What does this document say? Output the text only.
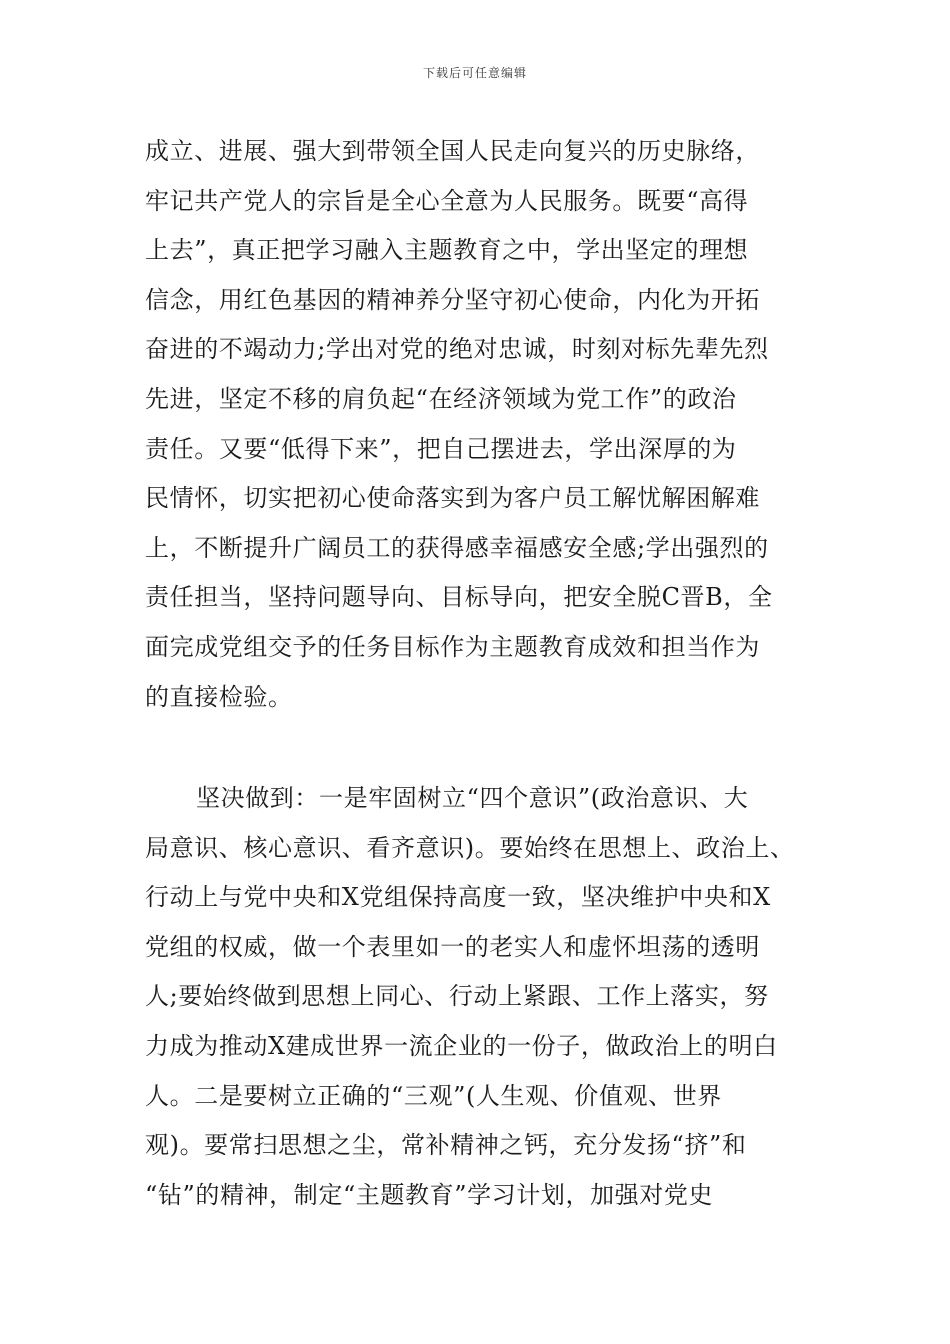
下载后可任意编辑
成立、进展、强大到带领全国人民走向复兴的历史脉络，
牢记共产党人的宗旨是全心全意为人民服务。既要“高得
上去”，真正把学习融入主题教育之中，学出坚定的理想
信念，用红色基因的精神养分坚守初心使命，内化为开拓
奋进的不竭动力;学出对党的绝对忠诚，时刻对标先辈先烈
先进，坚定不移的肩负起“在经济领域为党工作”的政治
责任。又要“低得下来”，把自己摆进去，学出深厚的为
民情怀，切实把初心使命落实到为客户员工解忧解困解难
上，不断提升广阔员工的获得感幸福感安全感;学出强烈的
责任担当，坚持问题导向、目标导向，把安全脱C晋B，全
面完成党组交予的任务目标作为主题教育成效和担当作为
的直接检验。
坚决做到：一是牢固树立“四个意识”(政治意识、大
局意识、核心意识、看齐意识)。要始终在思想上、政治上、
行动上与党中央和X党组保持高度一致，坚决维护中央和X
党组的权威，做一个表里如一的老实人和虚怀坦荡的透明
人;要始终做到思想上同心、行动上紧跟、工作上落实，努
力成为推动X建成世界一流企业的一份子，做政治上的明白
人。二是要树立正确的“三观”(人生观、价值观、世界
观)。要常扫思想之尘，常补精神之钙，充分发扬“挤”和
“钻”的精神，制定“主题教育”学习计划，加强对党史
